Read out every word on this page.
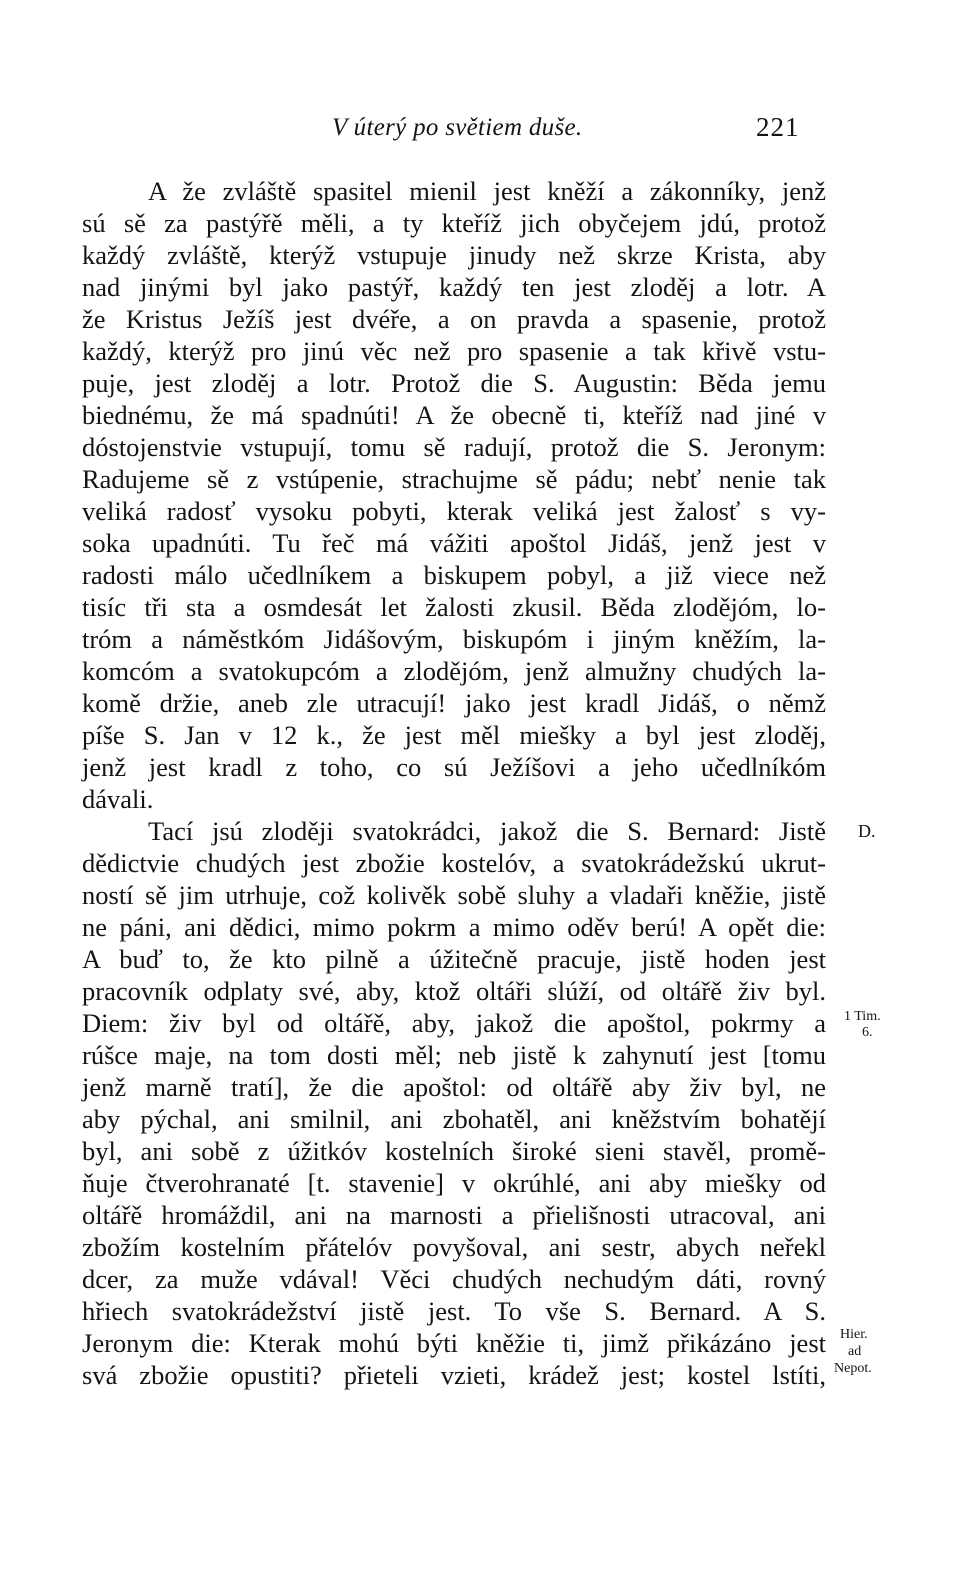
V úterý po světiem duše.	221
A že zvláště spasitel mienil jest kněží a zákonníky, jenž
sú sě za pastýřě měli, a ty kteříž jich obyčejem jdú, protož
každý zvláště, kterýž vstupuje jinudy než skrze Krista, aby
nad jinými byl jako pastýř, každý ten jest zloděj a lotr. A
že Kristus Ježíš jest dvéře, a on pravda a spasenie, protož
každý, kterýž pro jinú věc než pro spasenie a tak křivě vstu-
puje, jest zloděj a lotr. Protož die S. Augustin: Běda jemu
biednému, že má spadnúti! A že obecně ti, kteříž nad jiné v
dóstojenstvie vstupují, tomu sě radují, protož die S. Jeronym:
Radujeme sě z vstúpenie, strachujme sě pádu; nebť nenie tak
veliká radosť vysoku pobyti, kterak veliká jest žalosť s vy-
soka upadnúti. Tu řeč má vážiti apoštol Jidáš, jenž jest v
radosti málo učedlníkem a biskupem pobyl, a již viece než
tisíc tři sta a osmdesát let žalosti zkusil. Běda zlodějóm, lo-
tróm a náměstkóm Jidášovým, biskupóm i jiným kněžím, la-
komcóm a svatokupcóm a zlodějóm, jenž almužny chudých la-
komě držie, aneb zle utracují! jako jest kradl Jidáš, o němž
píše S. Jan v 12 k., že jest měl miešky a byl jest zloděj,
jenž jest kradl z toho, co sú Ježíšovi a jeho učedlníkóm
dávali.
Tací jsú zloději svatokrádci, jakož die S. Bernard: Jistě
dědictvie chudých jest zbožie kostelóv, a svatokrádežskú ukrut-
ností sě jim utrhuje, což kolivěk sobě sluhy a vladaři kněžie, jistě
ne páni, ani dědici, mimo pokrm a mimo oděv berú! A opět die:
A buď to, že kto pilně a úžitečně pracuje, jistě hoden jest
pracovník odplaty své, aby, ktož oltáři slúží, od oltářě živ byl.
Diem: živ byl od oltářě, aby, jakož die apoštol, pokrmy a
rúšce maje, na tom dosti měl; neb jistě k zahynutí jest [tomu
jenž marně tratí], že die apoštol: od oltářě aby živ byl, ne
aby pýchal, ani smilnil, ani zbohatěl, ani kněžstvím bohatějí
byl, ani sobě z úžitkóv kostelních široké sieni stavěl, promě-
ňuje čtverohranaté [t. stavenie] v okrúhlé, ani aby miešky od
oltářě hromáždil, ani na marnosti a přielišnosti utracoval, ani
zbožím kostelním přátelóv povyšoval, ani sestr, abych neřekl
dcer, za muže vdával! Věci chudých nechudým dáti, rovný
hřiech svatokrádežství jistě jest. To vše S. Bernard. A S.
Jeronym die: Kterak mohú býti kněžie ti, jimž přikázáno jest
svá zbožie opustiti? přieteli vzieti, krádež jest; kostel lstíti,
D.
1 Tim.
6.
Hier.
ad
Nepot.
